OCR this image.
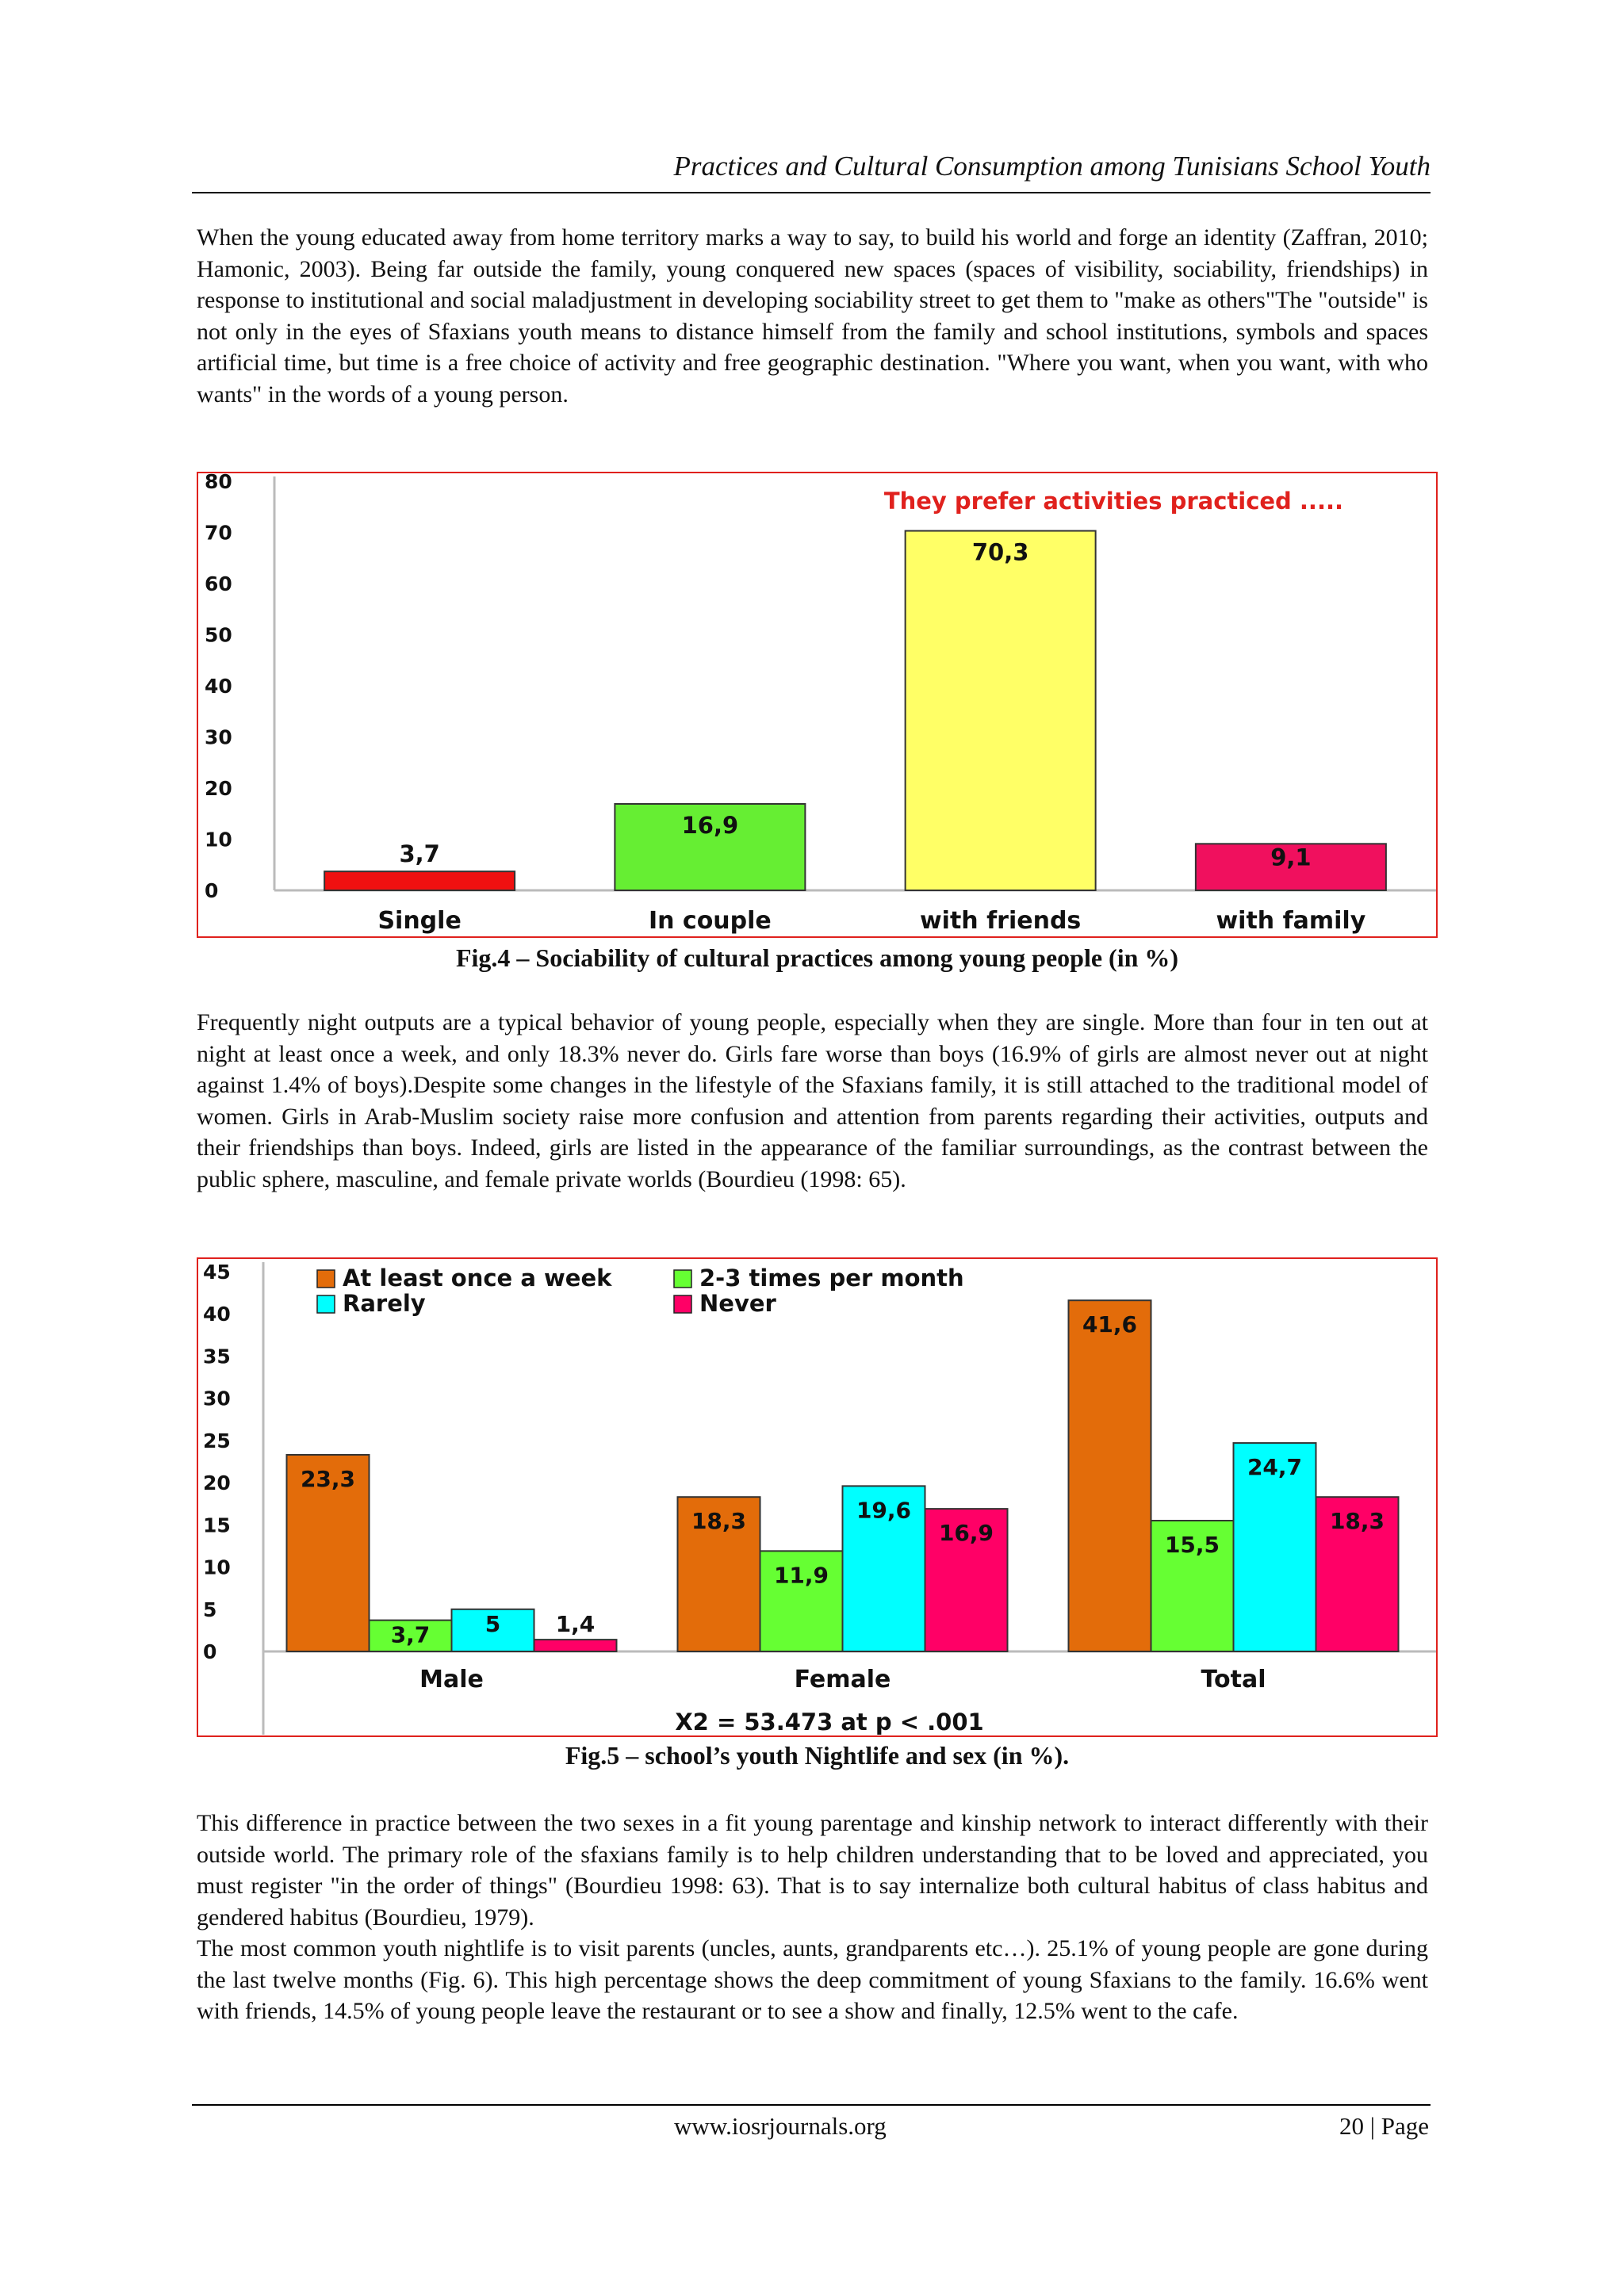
Practices and Cultural Consumption among Tunisians School Youth

When the young educated away from home territory marks a way to say, to build his world and forge an identity (Zaffran, 2010; Hamonic, 2003). Being far outside the family, young conquered new spaces (spaces of visibility, sociability, friendships) in response to institutional and social maladjustment in developing sociability street to get them to "make as others"The "outside" is not only in the eyes of Sfaxians youth means to distance himself from the family and school institutions, symbols and spaces artificial time, but time is a free choice of activity and free geographic destination. "Where you want, when you want, with who wants" in the words of a young person.

0
10
20
30
40
50
60
70
80
They prefer activities practiced .....
3,7
Single
16,9
In couple
70,3
with friends
9,1
with family
Fig.4 – Sociability of cultural practices among young people (in %)

Frequently night outputs are a typical behavior of young people, especially when they are single. More than four in ten out at night at least once a week, and only 18.3% never do. Girls fare worse than boys (16.9% of girls are almost never out at night against 1.4% of boys).Despite some changes in the lifestyle of the Sfaxians family, it is still attached to the traditional model of women. Girls in Arab-Muslim society raise more confusion and attention from parents regarding their activities, outputs and their friendships than boys. Indeed, girls are listed in the appearance of the familiar surroundings, as the contrast between the public sphere, masculine, and female private worlds (Bourdieu (1998: 65).

0
5
10
15
20
25
30
35
40
45	At least once a week	2-3 times per month
Rarely	Never
23,3
3,7 5 1,4
Male
18,3
11,9
19,6
16,9
Female
41,6
15,5
24,7
18,3
Total
X2 = 53.473 at p < .001
Fig.5 – school’s youth Nightlife and sex (in %).

This difference in practice between the two sexes in a fit young parentage and kinship network to interact differently with their outside world. The primary role of the sfaxians family is to help children understanding that to be loved and appreciated, you must register "in the order of things" (Bourdieu 1998: 63). That is to say internalize both cultural habitus of class habitus and gendered habitus (Bourdieu, 1979).

The most common youth nightlife is to visit parents (uncles, aunts, grandparents etc…). 25.1% of young people are gone during the last twelve months (Fig. 6). This high percentage shows the deep commitment of young Sfaxians to the family. 16.6% went with friends, 14.5% of young people leave the restaurant or to see a show and finally, 12.5% went to the cafe.

www.iosrjournals.org	20 | Page
